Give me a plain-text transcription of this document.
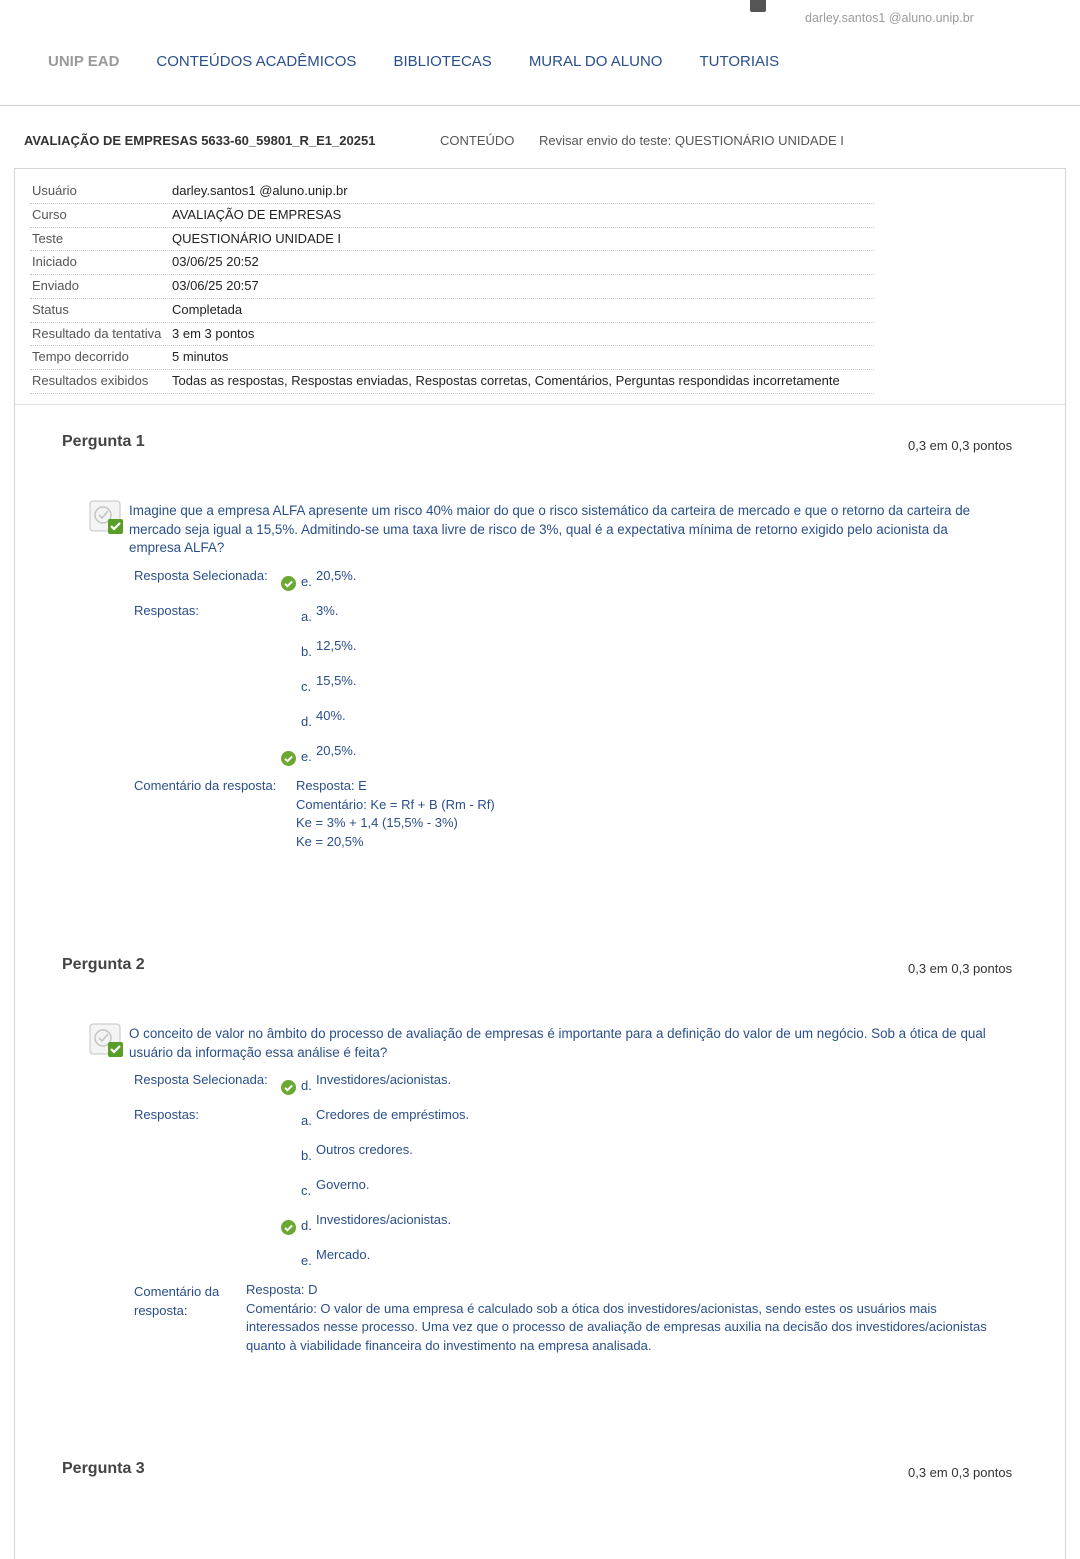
darley.santos1 @aluno.unip.br
UNIP EAD CONTEÚDOS ACADÊMICOS BIBLIOTECAS MURAL DO ALUNO TUTORIAIS
AVALIAÇÃO DE EMPRESAS 5633-60_59801_R_E1_20251	CONTEÚDO Revisar envio do teste: QUESTIONÁRIO UNIDADE I
Usuário	darley.santos1 @aluno.unip.br
Curso	AVALIAÇÃO DE EMPRESAS
Teste	QUESTIONÁRIO UNIDADE I
Iniciado	03/06/25 20:52
Enviado	03/06/25 20:57
Status	Completada
Resultado da tentativa 3 em 3 pontos
Tempo decorrido	5 minutos
Resultados exibidos Todas as respostas, Respostas enviadas, Respostas corretas, Comentários, Perguntas respondidas incorretamente
Pergunta 1	0,3 em 0,3 pontos
Imagine que a empresa ALFA apresente um risco 40% maior do que o risco sistemático da carteira de mercado e que o retorno da carteira de mercado seja igual a 15,5%. Admitindo-se uma taxa livre de risco de 3%, qual é a expectativa mínima de retorno exigido pelo acionista da empresa ALFA?
Resposta Selecionada:	e. 20,5%.
Respostas:	a. 3%.
b. 12,5%.
c. 15,5%.
d. 40%.
e. 20,5%.
Comentário da resposta: Resposta: E
Comentário: Ke = Rf + B (Rm - Rf)
Ke = 3% + 1,4 (15,5% - 3%)
Ke = 20,5%
Pergunta 2	0,3 em 0,3 pontos
O conceito de valor no âmbito do processo de avaliação de empresas é importante para a definição do valor de um negócio. Sob a ótica de qual usuário da informação essa análise é feita?
Resposta Selecionada:	d. Investidores/acionistas.
Respostas:	a. Credores de empréstimos.
b. Outros credores.
c. Governo.
d. Investidores/acionistas.
e. Mercado.
Comentário da
resposta:
Resposta: D
Comentário: O valor de uma empresa é calculado sob a ótica dos investidores/acionistas, sendo estes os usuários mais interessados nesse processo. Uma vez que o processo de avaliação de empresas auxilia na decisão dos investidores/acionistas quanto à viabilidade financeira do investimento na empresa analisada.
Pergunta 3	0,3 em 0,3 pontos
